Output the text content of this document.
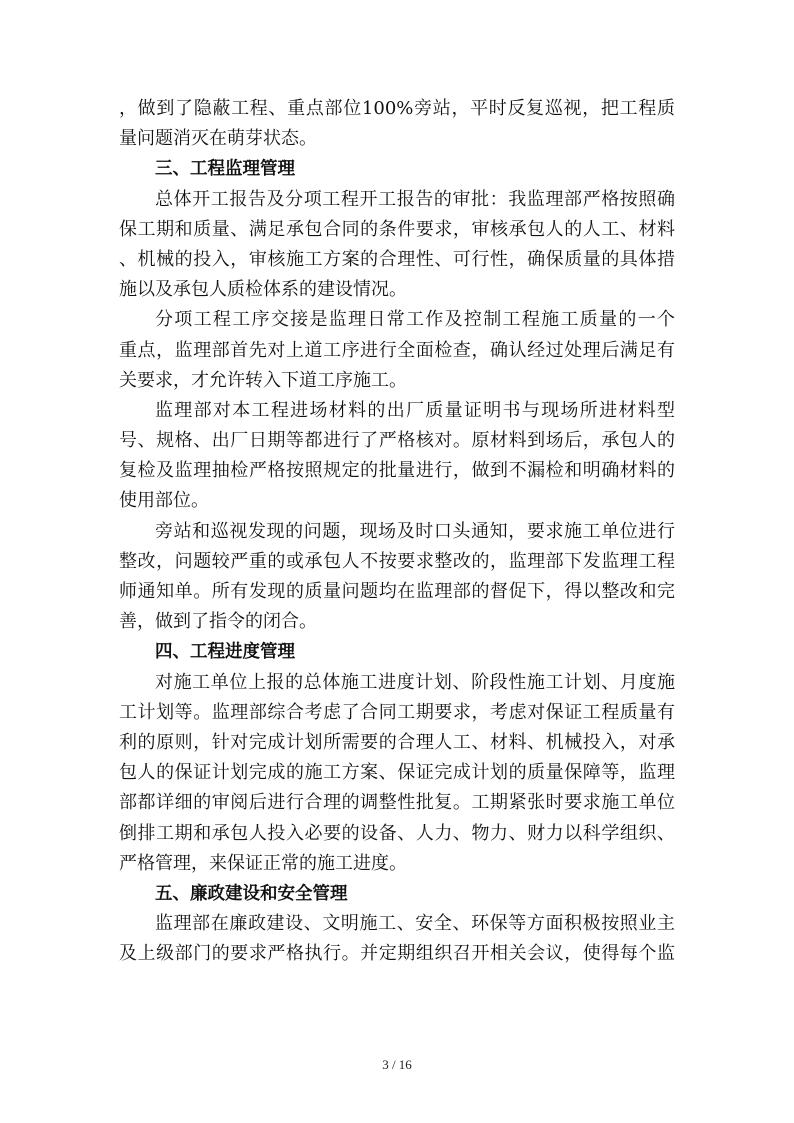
，做到了隐蔽工程、重点部位100%旁站，平时反复巡视，把工程质
量问题消灭在萌芽状态。
三、工程监理管理
总体开工报告及分项工程开工报告的审批：我监理部严格按照确
保工期和质量、满足承包合同的条件要求，审核承包人的人工、材料
、机械的投入，审核施工方案的合理性、可行性，确保质量的具体措
施以及承包人质检体系的建设情况。
分项工程工序交接是监理日常工作及控制工程施工质量的一个
重点，监理部首先对上道工序进行全面检查，确认经过处理后满足有
关要求，才允许转入下道工序施工。
监理部对本工程进场材料的出厂质量证明书与现场所进材料型
号、规格、出厂日期等都进行了严格核对。原材料到场后，承包人的
复检及监理抽检严格按照规定的批量进行，做到不漏检和明确材料的
使用部位。
旁站和巡视发现的问题，现场及时口头通知，要求施工单位进行
整改，问题较严重的或承包人不按要求整改的，监理部下发监理工程
师通知单。所有发现的质量问题均在监理部的督促下，得以整改和完
善，做到了指令的闭合。
四、工程进度管理
对施工单位上报的总体施工进度计划、阶段性施工计划、月度施
工计划等。监理部综合考虑了合同工期要求，考虑对保证工程质量有
利的原则，针对完成计划所需要的合理人工、材料、机械投入，对承
包人的保证计划完成的施工方案、保证完成计划的质量保障等，监理
部都详细的审阅后进行合理的调整性批复。工期紧张时要求施工单位
倒排工期和承包人投入必要的设备、人力、物力、财力以科学组织、
严格管理，来保证正常的施工进度。
五、廉政建设和安全管理
监理部在廉政建设、文明施工、安全、环保等方面积极按照业主
及上级部门的要求严格执行。并定期组织召开相关会议，使得每个监
3 / 16
